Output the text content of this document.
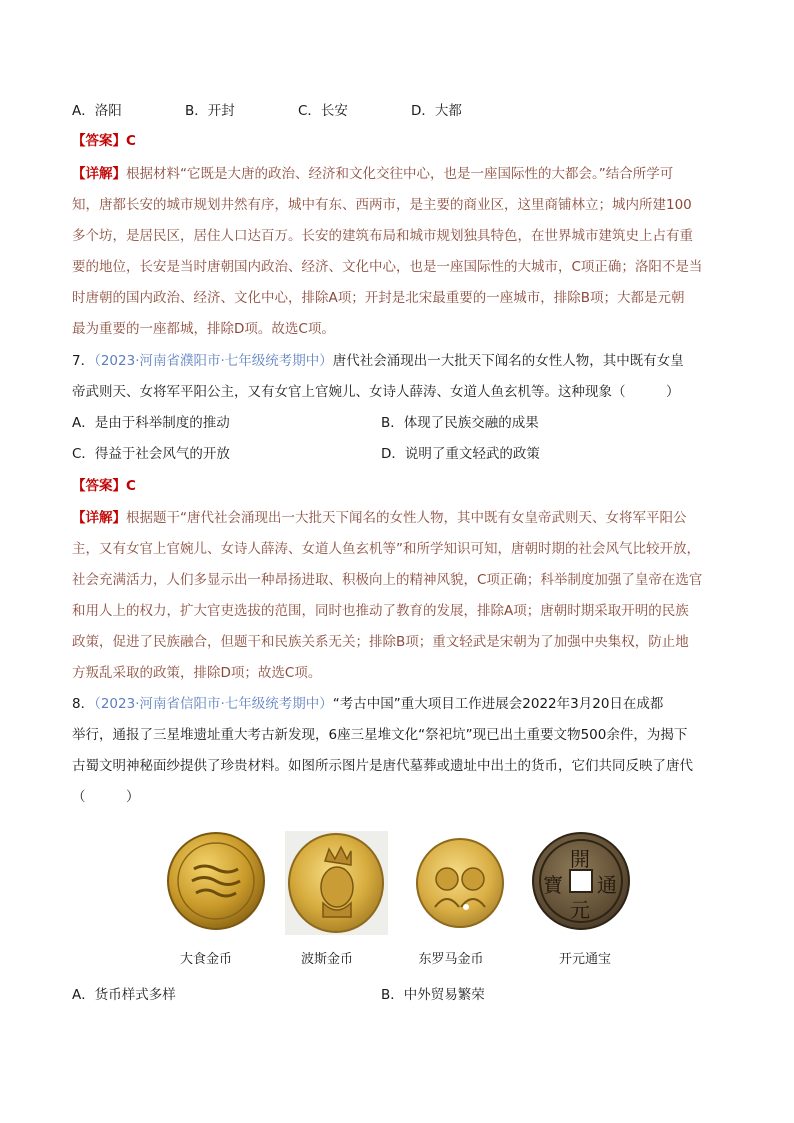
A．洛阳	B．开封	C．长安	D．大都
【答案】C
【详解】根据材料“它既是大唐的政治、经济和文化交往中心，也是一座国际性的大都会。”结合所学可
知，唐都长安的城市规划井然有序，城中有东、西两市，是主要的商业区，这里商铺林立；城内所建100
多个坊，是居民区，居住人口达百万。长安的建筑布局和城市规划独具特色，在世界城市建筑史上占有重
要的地位，长安是当时唐朝国内政治、经济、文化中心，也是一座国际性的大城市，C项正确；洛阳不是当
时唐朝的国内政治、经济、文化中心，排除A项；开封是北宋最重要的一座城市，排除B项；大都是元朝
最为重要的一座都城，排除D项。故选C项。
7．（2023·河南省濮阳市·七年级统考期中）唐代社会涌现出一大批天下闻名的女性人物，其中既有女皇
帝武则天、女将军平阳公主，又有女官上官婉儿、女诗人薛涛、女道人鱼玄机等。这种现象（　　　）
A．是由于科举制度的推动	B．体现了民族交融的成果
C．得益于社会风气的开放	D．说明了重文轻武的政策
【答案】C
【详解】根据题干“唐代社会涌现出一大批天下闻名的女性人物，其中既有女皇帝武则天、女将军平阳公
主，又有女官上官婉儿、女诗人薛涛、女道人鱼玄机等”和所学知识可知，唐朝时期的社会风气比较开放，
社会充满活力，人们多显示出一种昂扬进取、积极向上的精神风貌，C项正确；科举制度加强了皇帝在选官
和用人上的权力，扩大官吏选拔的范围，同时也推动了教育的发展，排除A项；唐朝时期采取开明的民族
政策，促进了民族融合，但题干和民族关系无关；排除B项；重文轻武是宋朝为了加强中央集权，防止地
方叛乱采取的政策，排除D项；故选C项。
8．（2023·河南省信阳市·七年级统考期中）“考古中国”重大项目工作进展会2022年3月20日在成都
举行，通报了三星堆遗址重大考古新发现，6座三星堆文化“祭祀坑”现已出土重要文物500余件，为揭下
古蜀文明神秘面纱提供了珍贵材料。如图所示图片是唐代墓葬或遗址中出土的货币，它们共同反映了唐代
（　　　）
開
通
元
寶
大食金币	波斯金币	东罗马金币	开元通宝
A．货币样式多样	B．中外贸易繁荣
